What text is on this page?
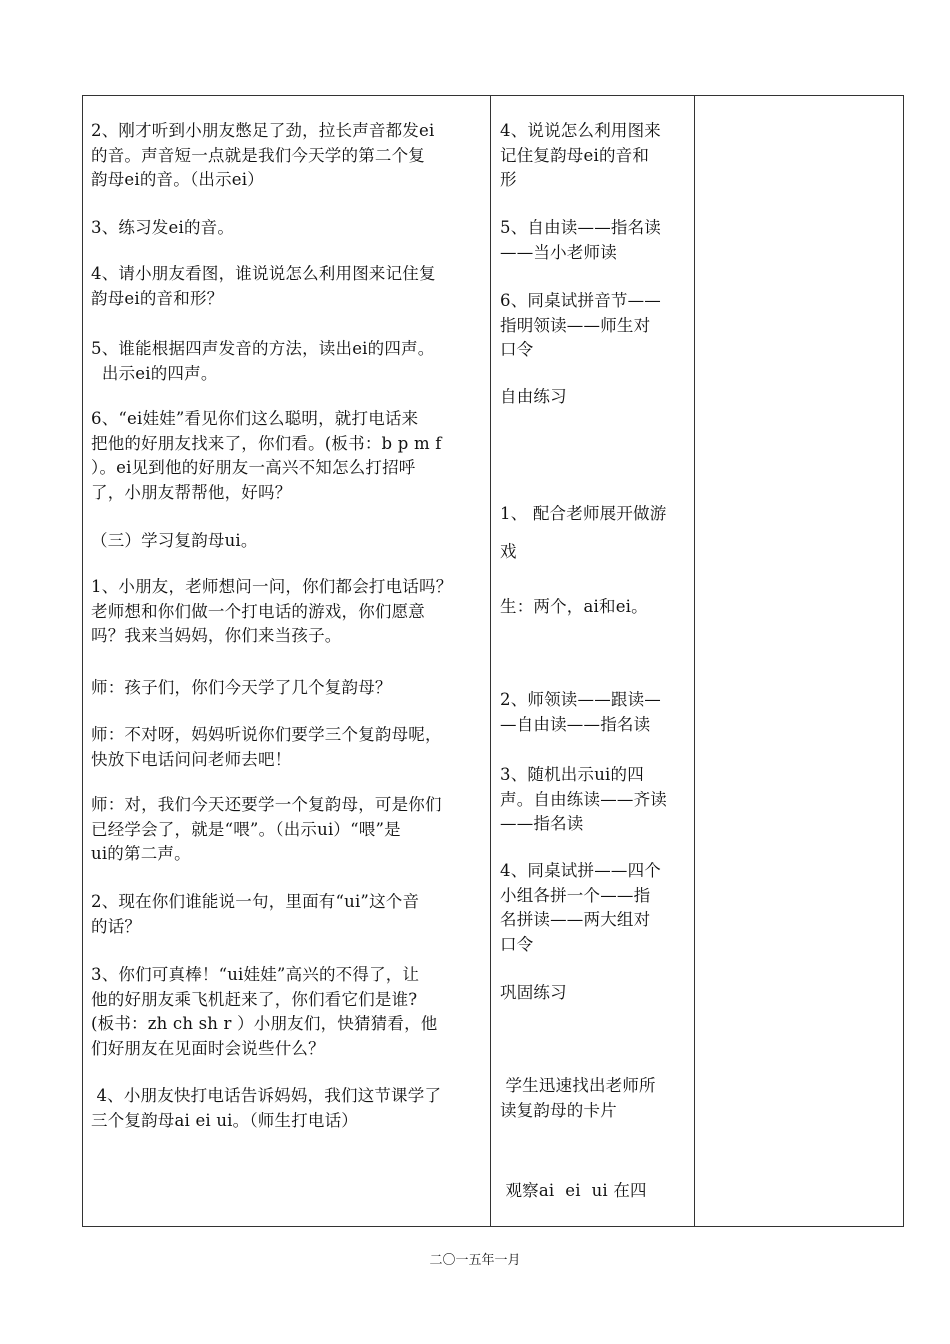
2、刚才听到小朋友憋足了劲，拉长声音都发ei
的音。声音短一点就是我们今天学的第二个复
韵母ei的音。（出示ei）
3、练习发ei的音。
4、请小朋友看图，谁说说怎么利用图来记住复
韵母ei的音和形？
5、谁能根据四声发音的方法，读出ei的四声。
出示ei的四声。
6、“ei娃娃”看见你们这么聪明，就打电话来
把他的好朋友找来了，你们看。(板书：b p m f
）。ei见到他的好朋友一高兴不知怎么打招呼
了，小朋友帮帮他，好吗？
（三）学习复韵母ui。
1、小朋友，老师想问一问，你们都会打电话吗？
老师想和你们做一个打电话的游戏，你们愿意
吗？我来当妈妈，你们来当孩子。
师：孩子们，你们今天学了几个复韵母？
师：不对呀，妈妈听说你们要学三个复韵母呢，
快放下电话问问老师去吧！
师：对，我们今天还要学一个复韵母，可是你们
已经学会了，就是“喂”。（出示ui）“喂”是
ui的第二声。
2、现在你们谁能说一句，里面有“ui”这个音
的话？
3、你们可真棒！“ui娃娃”高兴的不得了，让
他的好朋友乘飞机赶来了，你们看它们是谁?
(板书：zh ch sh r ）小朋友们，快猜猜看，他
们好朋友在见面时会说些什么？
4、小朋友快打电话告诉妈妈，我们这节课学了
三个复韵母ai ei ui。（师生打电话）
4、说说怎么利用图来
记住复韵母ei的音和
形
5、自由读——指名读
——当小老师读
6、同桌试拼音节——
指明领读——师生对
口令
自由练习
1、 配合老师展开做游
戏
生：两个，ai和ei。
2、师领读——跟读—
—自由读——指名读
3、随机出示ui的四
声。自由练读——齐读
——指名读
4、同桌试拼——四个
小组各拼一个——指
名拼读——两大组对
口令
巩固练习
学生迅速找出老师所
读复韵母的卡片
观察ai  ei  ui 在四
二〇一五年一月
